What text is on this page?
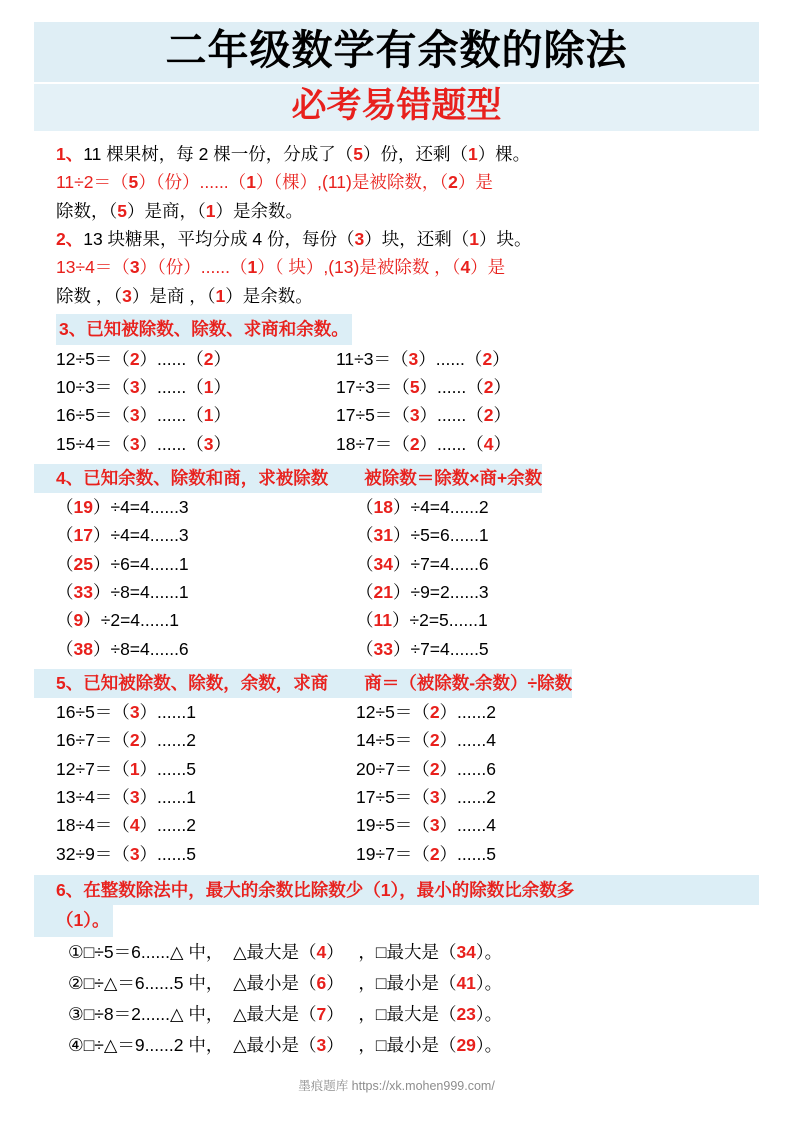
二年级数学有余数的除法
必考易错题型
1、11 棵果树，每 2 棵一份，分成了（5）份，还剩（1）棵。
11÷2＝（5）（份）......（1）（棵）,(11)是被除数，（2）是
除数，（5）是商，（1）是余数。
2、13 块糖果，平均分成 4 份，每份（3）块，还剩（1）块。
13÷4＝（3）（份）......（1）（ 块）,(13)是被除数 ，（4）是
除数 ，（3）是商 ，（1）是余数。
3、已知被除数、除数、求商和余数。
12÷5＝（2）......（2）	11÷3＝（3）......（2）
10÷3＝（3）......（1）	17÷3＝（5）......（2）
16÷5＝（3）......（1）	17÷5＝（3）......（2）
15÷4＝（3）......（3）	18÷7＝（2）......（4）
4、已知余数、除数和商，求被除数 被除数＝除数×商+余数
（19）÷4=4......3	（18）÷4=4......2
（17）÷4=4......3	（31）÷5=6......1
（25）÷6=4......1	（34）÷7=4......6
（33）÷8=4......1	（21）÷9=2......3
（9）÷2=4......1	（11）÷2=5......1
（38）÷8=4......6	（33）÷7=4......5
5、已知被除数、除数，余数，求商 商＝（被除数-余数）÷除数
16÷5＝（3）......1	12÷5＝（2）......2
16÷7＝（2）......2	14÷5＝（2）......4
12÷7＝（1）......5	20÷7＝（2）......6
13÷4＝（3）......1	17÷5＝（3）......2
18÷4＝（4）......2	19÷5＝（3）......4
32÷9＝（3）......5	19÷7＝（2）......5
6、在整数除法中，最大的余数比除数少（1），最小的除数比余数多
（1）。
①□÷5＝6......△ 中， △最大是（4） ，□最大是（34）。
②□÷△＝6......5 中， △最小是（6） ，□最小是（41）。
③□÷8＝2......△ 中， △最大是（7） ，□最大是（23）。
④□÷△＝9......2 中， △最小是（3） ，□最小是（29）。
墨痕题库 https://xk.mohen999.com/
